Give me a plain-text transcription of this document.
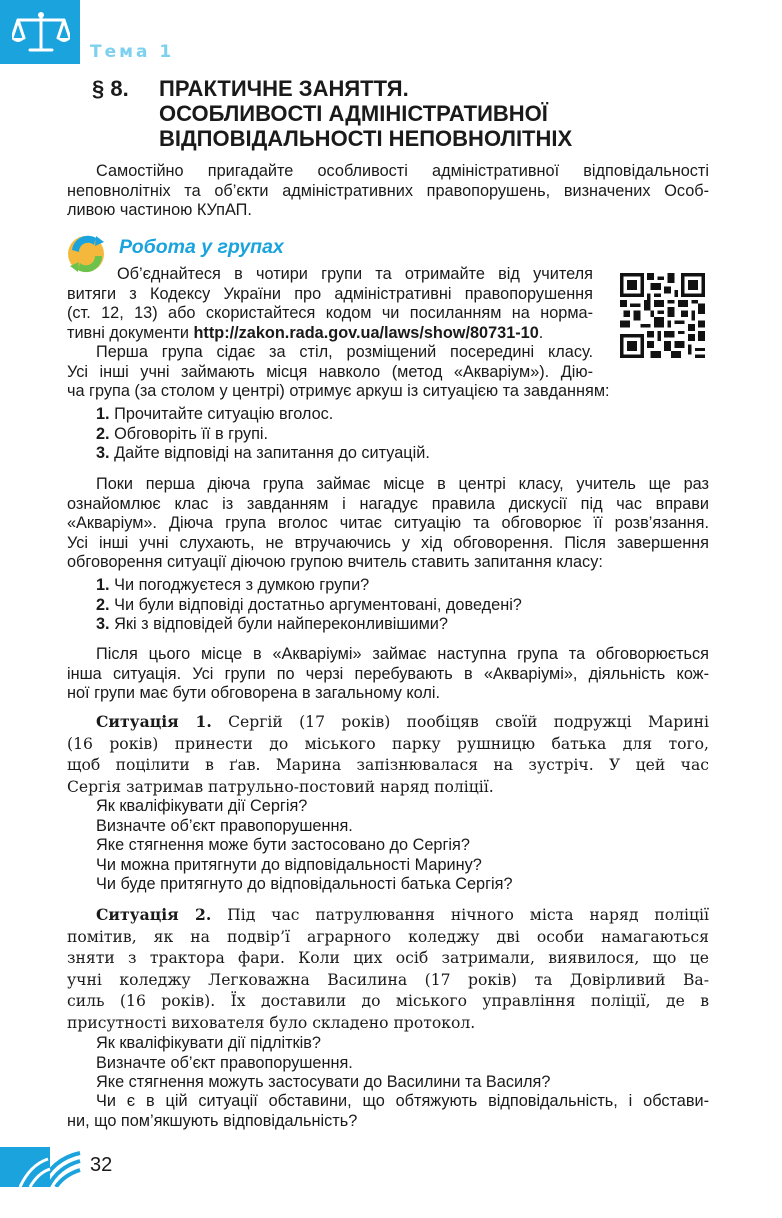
Тема 1
§ 8. ПРАКТИЧНЕ ЗАНЯТТЯ.
ОСОБЛИВОСТІ АДМІНІСТРАТИВНОЇ
ВІДПОВІДАЛЬНОСТІ НЕПОВНОЛІТНІХ
Самостійно пригадайте особливості адміністративної відповідальності
неповнолітніх та об’єкти адміністративних правопорушень, визначених Особ-
ливою частиною КУпАП.
Робота у групах
Об’єднайтеся в чотири групи та отримайте від учителя
витяги з Кодексу України про адміністративні правопорушення
(ст. 12, 13) або скористайтеся кодом чи посиланням на норма-
тивні документи http://zakon.rada.gov.ua/laws/show/80731-10.
Перша група сідає за стіл, розміщений посередині класу.
Усі інші учні займають місця навколо (метод «Акваріум»). Дію-
ча група (за столом у центрі) отримує аркуш із ситуацією та завданням:
1. Прочитайте ситуацію вголос.
2. Обговоріть її в групі.
3. Дайте відповіді на запитання до ситуацій.
Поки перша діюча група займає місце в центрі класу, учитель ще раз
ознайомлює клас із завданням і нагадує правила дискусії під час вправи
«Акваріум». Діюча група вголос читає ситуацію та обговорює її розв’язання.
Усі інші учні слухають, не втручаючись у хід обговорення. Після завершення
обговорення ситуації діючою групою вчитель ставить запитання класу:
1. Чи погоджуєтеся з думкою групи?
2. Чи були відповіді достатньо аргументовані, доведені?
3. Які з відповідей були найпереконливішими?
Після цього місце в «Акваріумі» займає наступна група та обговорюється
інша ситуація. Усі групи по черзі перебувають в «Акваріумі», діяльність кож-
ної групи має бути обговорена в загальному колі.
Ситуація 1. Сергій (17 років) пообіцяв своїй подружці Марині
(16 років) принести до міського парку рушницю батька для того,
щоб поцілити в ґав. Марина запізнювалася на зустріч. У цей час
Сергія затримав патрульно-постовий наряд поліції.
Як кваліфікувати дії Сергія?
Визначте об’єкт правопорушення.
Яке стягнення може бути застосовано до Сергія?
Чи можна притягнути до відповідальності Марину?
Чи буде притягнуто до відповідальності батька Сергія?
Ситуація 2. Під час патрулювання нічного міста наряд поліції
помітив, як на подвір’ї аграрного коледжу дві особи намагаються
зняти з трактора фари. Коли цих осіб затримали, виявилося, що це
учні коледжу Легковажна Василина (17 років) та Довірливий Ва-
силь (16 років). Їх доставили до міського управління поліції, де в
присутності вихователя було складено протокол.
Як кваліфікувати дії підлітків?
Визначте об’єкт правопорушення.
Яке стягнення можуть застосувати до Василини та Василя?
Чи є в цій ситуації обставини, що обтяжують відповідальність, і обстави-
ни, що пом’якшують відповідальність?
32
